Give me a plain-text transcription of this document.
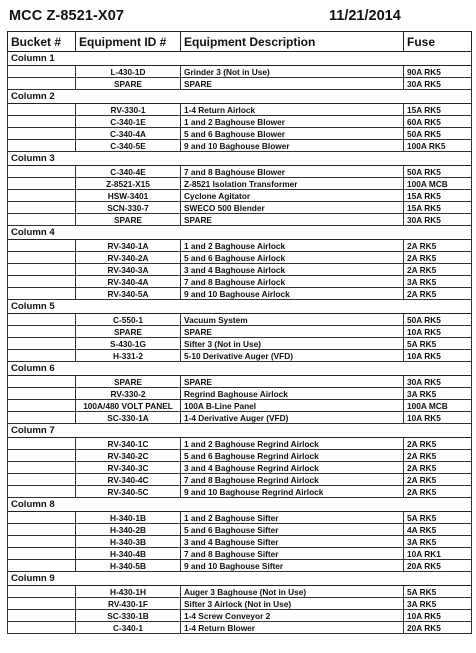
MCC Z-8521-X07	11/21/2014
Bucket #	Equipment ID #	Equipment Description	Fuse
Column 1			
	L-430-1D	Grinder 3 (Not in Use)	90A RK5
	SPARE	SPARE	30A RK5
Column 2			
	RV-330-1	1-4 Return Airlock	15A RK5
	C-340-1E	1 and 2 Baghouse Blower	60A RK5
	C-340-4A	5 and 6 Baghouse Blower	50A RK5
	C-340-5E	9 and 10 Baghouse Blower	100A RK5
Column 3			
	C-340-4E	7 and 8 Baghouse Blower	50A RK5
	Z-8521-X15	Z-8521 Isolation Transformer	100A MCB
	HSW-3401	Cyclone Agitator	15A RK5
	SCN-330-7	SWECO 500 Blender	15A RK5
	SPARE	SPARE	30A RK5
Column 4			
	RV-340-1A	1 and 2 Baghouse Airlock	2A RK5
	RV-340-2A	5 and 6 Baghouse Airlock	2A RK5
	RV-340-3A	3 and 4 Baghouse Airlock	2A RK5
	RV-340-4A	7 and 8 Baghouse Airlock	3A RK5
	RV-340-5A	9 and 10 Baghouse Airlock	2A RK5
Column 5			
	C-550-1	Vacuum System	50A RK5
	SPARE	SPARE	10A RK5
	S-430-1G	Sifter 3 (Not in Use)	5A RK5
	H-331-2	5-10 Derivative Auger (VFD)	10A RK5
Column 6			
	SPARE	SPARE	30A RK5
	RV-330-2	Regrind Baghouse Airlock	3A RK5
	100A/480 VOLT PANEL	100A B-Line Panel	100A MCB
	SC-330-1A	1-4 Derivative Auger (VFD)	10A RK5
Column 7			
	RV-340-1C	1 and 2 Baghouse Regrind Airlock	2A RK5
	RV-340-2C	5 and 6 Baghouse Regrind Airlock	2A RK5
	RV-340-3C	3 and 4 Baghouse Regrind Airlock	2A RK5
	RV-340-4C	7 and 8 Baghouse Regrind Airlock	2A RK5
	RV-340-5C	9 and 10 Baghouse Regrind Airlock	2A RK5
Column 8			
	H-340-1B	1 and 2 Baghouse Sifter	5A RK5
	H-340-2B	5 and 6 Baghouse Sifter	4A RK5
	H-340-3B	3 and 4 Baghouse Sifter	3A RK5
	H-340-4B	7 and 8 Baghouse Sifter	10A RK1
	H-340-5B	9 and 10 Baghouse Sifter	20A RK5
Column 9			
	H-430-1H	Auger 3 Baghouse (Not in Use)	5A RK5
	RV-430-1F	Sifter 3 Airlock (Not in Use)	3A RK5
	SC-330-1B	1-4 Screw Conveyor 2	10A RK5
	C-340-1	1-4 Return Blower	20A RK5
